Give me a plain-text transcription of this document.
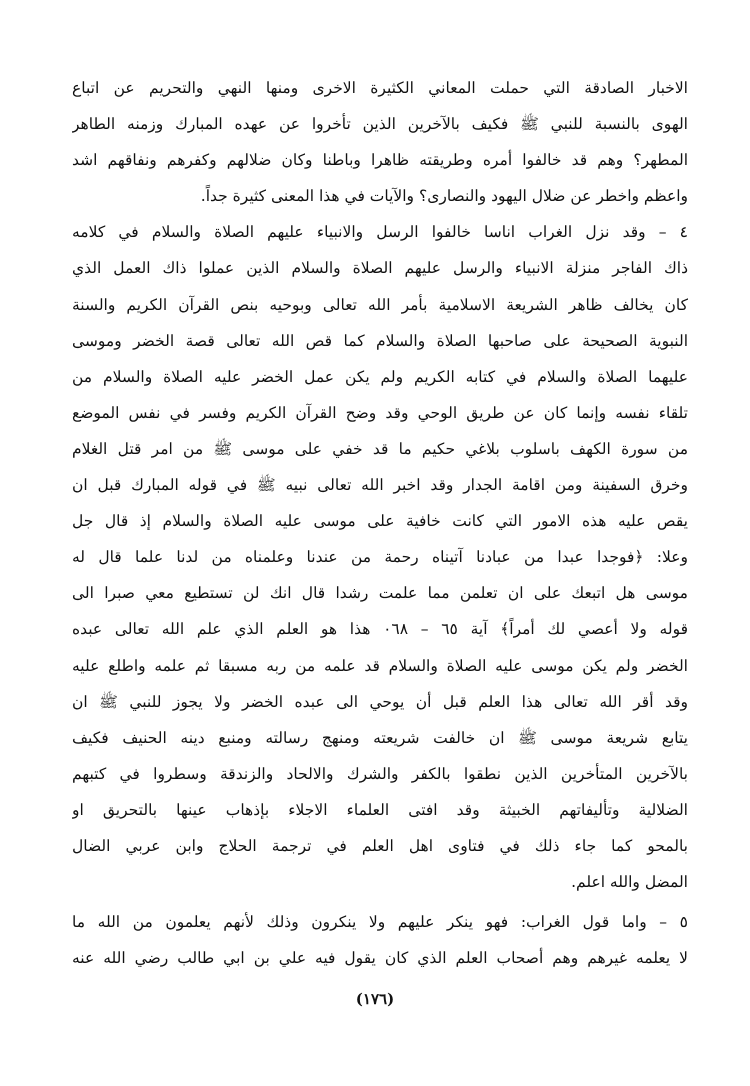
الاخبار الصادقة التي حملت المعاني الكثيرة الاخرى ومنها النهي والتحريم عن اتباع
الهوى بالنسبة للنبي ﷺ فكيف بالآخرين الذين تأخروا عن عهده المبارك وزمنه الطاهر
المطهر؟ وهم قد خالفوا أمره وطريقته ظاهرا وباطنا وكان ضلالهم وكفرهم ونفاقهم اشد
واعظم واخطر عن ضلال اليهود والنصارى؟ والآيات في هذا المعنى كثيرة جداً.
٤ – وقد نزل الغراب اناسا خالفوا الرسل والانبياء عليهم الصلاة والسلام في كلامه
ذاك الفاجر منزلة الانبياء والرسل عليهم الصلاة والسلام الذين عملوا ذاك العمل الذي
كان يخالف ظاهر الشريعة الاسلامية بأمر الله تعالى وبوحيه بنص القرآن الكريم والسنة
النبوية الصحيحة على صاحبها الصلاة والسلام كما قص الله تعالى قصة الخضر وموسى
عليهما الصلاة والسلام في كتابه الكريم ولم يكن عمل الخضر عليه الصلاة والسلام من
تلقاء نفسه وإنما كان عن طريق الوحي وقد وضح القرآن الكريم وفسر في نفس الموضع
من سورة الكهف باسلوب بلاغي حكيم ما قد خفي على موسى ﷺ من امر قتل الغلام
وخرق السفينة ومن اقامة الجدار وقد اخبر الله تعالى نبيه ﷺ في قوله المبارك قبل ان
يقص عليه هذه الامور التي كانت خافية على موسى عليه الصلاة والسلام إذ قال جل
وعلا: ﴿فوجدا عبدا من عبادنا آتيناه رحمة من عندنا وعلمناه من لدنا علما قال له
موسى هل اتبعك على ان تعلمن مما علمت رشدا قال انك لن تستطيع معي صبرا الى
قوله ولا أعصي لك أمراً﴾ آية ٦٥ – ٠٦٨ هذا هو العلم الذي علم الله تعالى عبده
الخضر ولم يكن موسى عليه الصلاة والسلام قد علمه من ربه مسبقا ثم علمه واطلع عليه
وقد أقر الله تعالى هذا العلم قبل أن يوحي الى عبده الخضر ولا يجوز للنبي ﷺ ان
يتابع شريعة موسى ﷺ ان خالفت شريعته ومنهج رسالته ومنبع دينه الحنيف فكيف
بالآخرين المتأخرين الذين نطقوا بالكفر والشرك والالحاد والزندقة وسطروا في كتبهم
الضلالية وتأليفاتهم الخبيثة وقد افتى العلماء الاجلاء بإذهاب عينها بالتحريق او
بالمحو كما جاء ذلك في فتاوى اهل العلم في ترجمة الحلاج وابن عربي الضال
المضل والله اعلم.
٥ – واما قول الغراب: فهو ينكر عليهم ولا ينكرون وذلك لأنهم يعلمون من الله ما
لا يعلمه غيرهم وهم أصحاب العلم الذي كان يقول فيه علي بن ابي طالب رضي الله عنه
(١٧٦)
